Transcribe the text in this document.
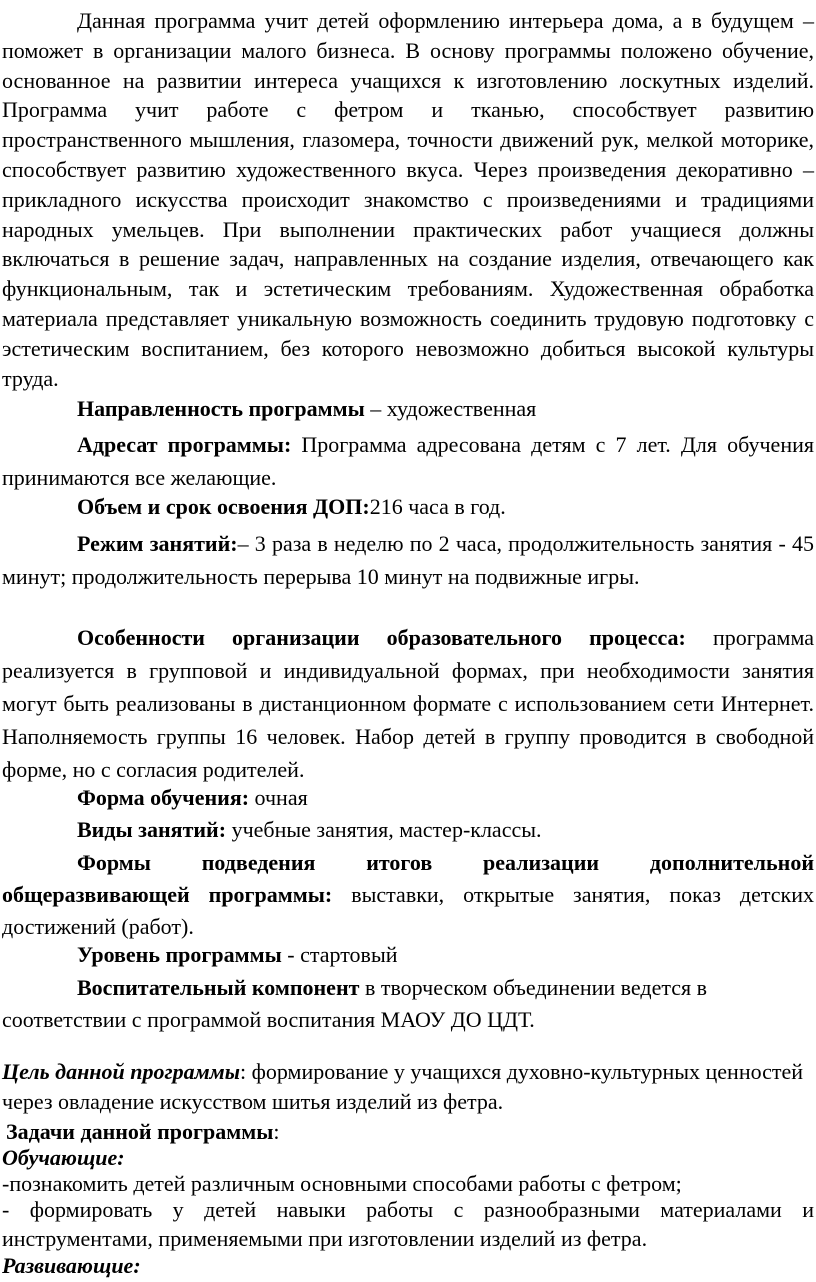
Данная программа учит детей оформлению интерьера дома, а в будущем – поможет в организации малого бизнеса. В основу программы положено обучение, основанное на развитии интереса учащихся к изготовлению лоскутных изделий. Программа учит работе с фетром и тканью, способствует развитию пространственного мышления, глазомера, точности движений рук, мелкой моторике, способствует развитию художественного вкуса. Через произведения декоративно – прикладного искусства происходит знакомство с произведениями и традициями народных умельцев. При выполнении практических работ учащиеся должны включаться в решение задач, направленных на создание изделия, отвечающего как функциональным, так и эстетическим требованиям. Художественная обработка материала представляет уникальную возможность соединить трудовую подготовку с эстетическим воспитанием, без которого невозможно добиться высокой культуры труда.

Направленность программы – художественная

Адресат программы: Программа адресована детям с 7 лет. Для обучения принимаются все желающие.

Объем и срок освоения ДОП:216 часа в год.

Режим занятий:– 3 раза в неделю по 2 часа, продолжительность занятия - 45 минут; продолжительность перерыва 10 минут на подвижные игры.

Особенности организации образовательного процесса: программа реализуется в групповой и индивидуальной формах, при необходимости занятия могут быть реализованы в дистанционном формате с использованием сети Интернет. Наполняемость группы 16 человек. Набор детей в группу проводится в свободной форме, но с согласия родителей.

Форма обучения: очная

Виды занятий: учебные занятия, мастер-классы.

Формы подведения итогов реализации дополнительной

общеразвивающей программы: выставки, открытые занятия, показ детских достижений (работ).

Уровень программы - стартовый

Воспитательный компонент в творческом объединении ведется в соответствии с программой воспитания МАОУ ДО ЦДТ.

Цель данной программы: формирование у учащихся духовно-культурных ценностей через овладение искусством шитья изделий из фетра.

Задачи данной программы:

Обучающие:

-познакомить детей различным основными способами работы с фетром;

- формировать у детей навыки работы с разнообразными материалами и инструментами, применяемыми при изготовлении изделий из фетра.

Развивающие:
